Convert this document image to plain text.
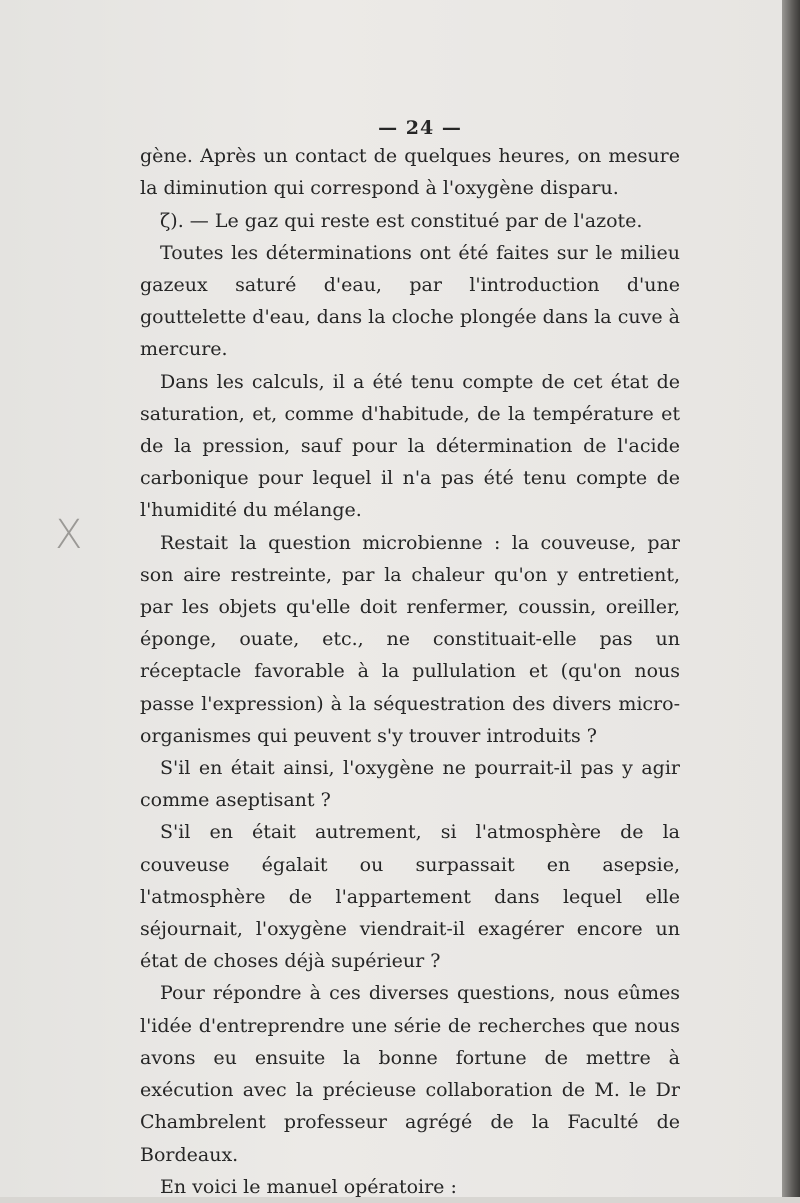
X

— 24 —

gène. Après un contact de quelques heures, on mesure la diminution qui correspond à l'oxygène disparu.

ζ). — Le gaz qui reste est constitué par de l'azote.

Toutes les déterminations ont été faites sur le milieu gazeux saturé d'eau, par l'introduction d'une gouttelette d'eau, dans la cloche plongée dans la cuve à mercure.

Dans les calculs, il a été tenu compte de cet état de saturation, et, comme d'habitude, de la température et de la pression, sauf pour la détermination de l'acide carbonique pour lequel il n'a pas été tenu compte de l'humidité du mélange.

Restait la question microbienne : la couveuse, par son aire restreinte, par la chaleur qu'on y entretient, par les objets qu'elle doit renfermer, coussin, oreiller, éponge, ouate, etc., ne constituait-elle pas un réceptacle favorable à la pullulation et (qu'on nous passe l'expression) à la séquestration des divers micro-organismes qui peuvent s'y trouver introduits ?

S'il en était ainsi, l'oxygène ne pourrait-il pas y agir comme aseptisant ?

S'il en était autrement, si l'atmosphère de la couveuse égalait ou surpassait en asepsie, l'atmosphère de l'appartement dans lequel elle séjournait, l'oxygène viendrait-il exagérer encore un état de choses déjà supérieur ?

Pour répondre à ces diverses questions, nous eûmes l'idée d'entreprendre une série de recherches que nous avons eu ensuite la bonne fortune de mettre à exécution avec la précieuse collaboration de M. le Dr Chambrelent professeur agrégé de la Faculté de Bordeaux.

En voici le manuel opératoire :
